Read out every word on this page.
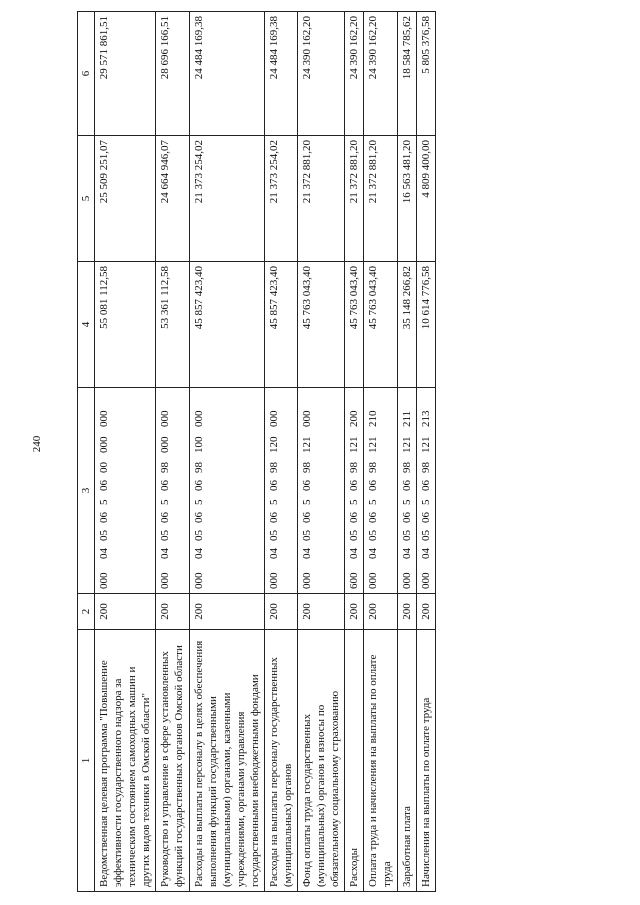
240
1	2	3	4	5	6
Ведомственная целевая программа "Повышение эффективности государственного надзора за техническим состоянием самоходных машин и других видов техники в Омской области"	200	00004050650600000000	55 081 112,58	25 509 251,07	29 571 861,51
Руководство и управление в сфере установленных функций государственных органов Омской области	200	00004050650698000000	53 361 112,58	24 664 946,07	28 696 166,51
Расходы на выплаты персоналу в целях обеспечения выполнения функций государственными (муниципальными) органами, казенными учреждениями, органами управления государственными внебюджетными фондами	200	00004050650698100000	45 857 423,40	21 373 254,02	24 484 169,38
Расходы на выплаты персоналу государственных (муниципальных) органов	200	00004050650698120000	45 857 423,40	21 373 254,02	24 484 169,38
Фонд оплаты труда государственных (муниципальных) органов и взносы по обязательному социальному страхованию	200	00004050650698121000	45 763 043,40	21 372 881,20	24 390 162,20
Расходы	200	60004050650698121200	45 763 043,40	21 372 881,20	24 390 162,20
Оплата труда и начисления на выплаты по оплате труда	200	00004050650698121210	45 763 043,40	21 372 881,20	24 390 162,20
Заработная плата	200	00004050650698121211	35 148 266,82	16 563 481,20	18 584 785,62
Начисления на выплаты по оплате труда	200	00004050650698121213	10 614 776,58	4 809 400,00	5 805 376,58
